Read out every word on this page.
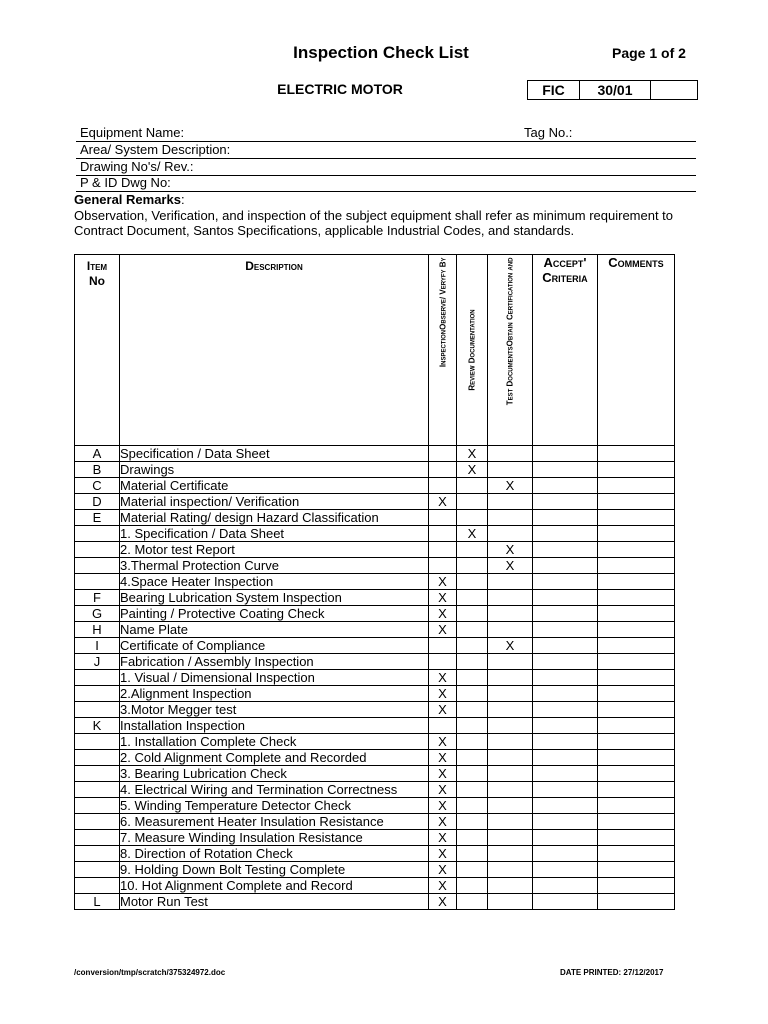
Inspection Check List	Page 1 of 2
ELECTRIC MOTOR	FIC	30/01
Equipment Name:	Tag No.:
Area/ System Description:
Drawing No's/ Rev.:
P & ID Dwg No:
General Remarks:
Observation, Verification, and inspection of the subject equipment shall refer as minimum requirement to Contract Document, Santos Specifications, applicable Industrial Codes, and standards.
Item
No	Description	InspectionObserve/ Veryfy By	Review Documentation	Test DocumentsObtain Certification and	Accept' Criteria	Comments
A	Specification / Data Sheet		X			
B	Drawings		X			
C	Material Certificate			X		
D	Material inspection/ Verification	X				
E	Material Rating/ design Hazard Classification					
	1. Specification / Data Sheet		X			
	2. Motor test Report			X		
	3.Thermal Protection Curve			X		
	4.Space Heater Inspection	X				
F	Bearing Lubrication System Inspection	X				
G	Painting / Protective Coating Check	X				
H	Name Plate	X				
I	Certificate of Compliance			X		
J	Fabrication / Assembly Inspection					
	1. Visual / Dimensional Inspection	X				
	2.Alignment Inspection	X				
	3.Motor Megger test	X				
K	Installation Inspection					
	1. Installation Complete Check	X				
	2. Cold Alignment Complete and Recorded	X				
	3. Bearing Lubrication Check	X				
	4. Electrical Wiring and Termination Correctness	X				
	5. Winding Temperature Detector Check	X				
	6. Measurement Heater Insulation Resistance	X				
	7. Measure Winding Insulation Resistance	X				
	8. Direction of Rotation Check	X				
	9. Holding Down Bolt Testing Complete	X				
	10. Hot Alignment Complete and Record	X				
L	Motor Run Test	X				
/conversion/tmp/scratch/375324972.doc	DATE PRINTED: 27/12/2017
